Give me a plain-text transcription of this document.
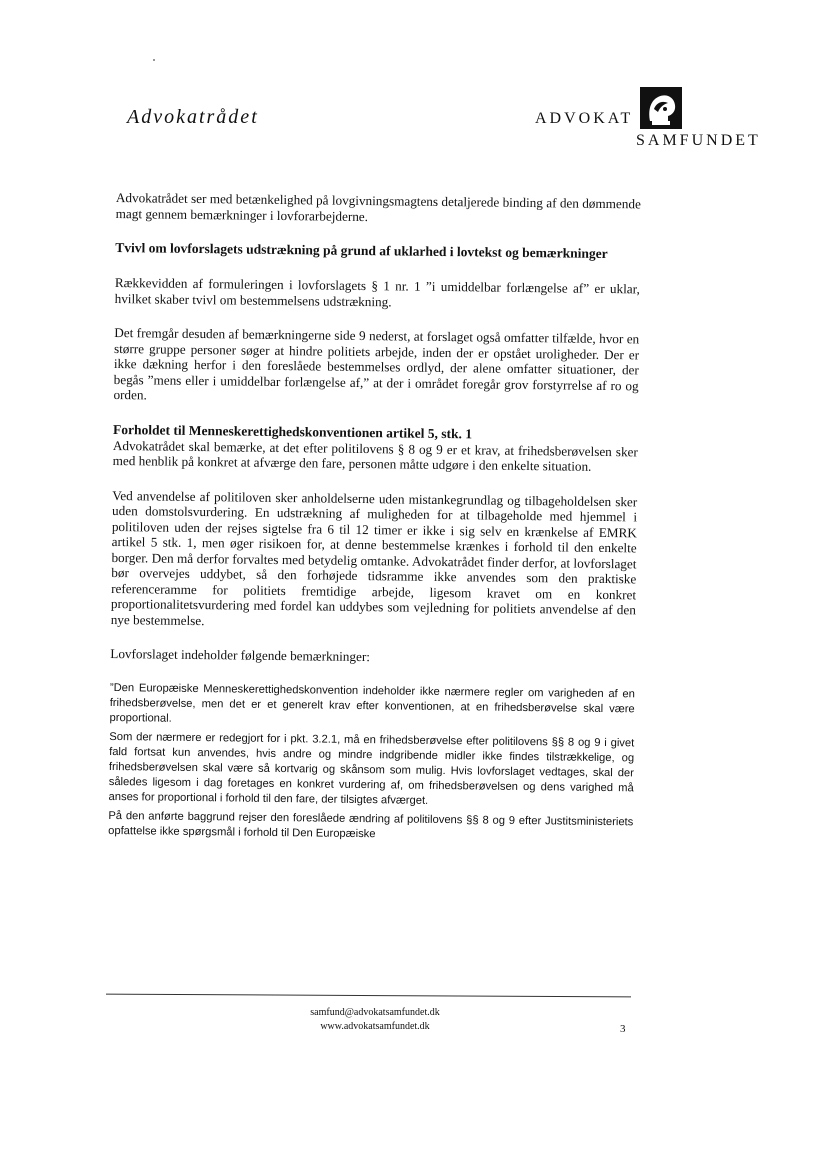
Advokatrådet	ADVOKAT
SAMFUNDET

Advokatrådet ser med betænkelighed på lovgivningsmagtens detaljerede binding af den dømmende magt gennem bemærkninger i lovforarbejderne.

Tvivl om lovforslagets udstrækning på grund af uklarhed i lovtekst og bemærkninger

Rækkevidden af formuleringen i lovforslagets § 1 nr. 1 ”i umiddelbar forlængelse af” er uklar, hvilket skaber tvivl om bestemmelsens udstrækning.

Det fremgår desuden af bemærkningerne side 9 nederst, at forslaget også omfatter tilfælde, hvor en større gruppe personer søger at hindre politiets arbejde, inden der er opstået uroligheder. Der er ikke dækning herfor i den foreslåede bestemmelses ordlyd, der alene omfatter situationer, der begås ”mens eller i umiddelbar forlængelse af,” at der i området foregår grov forstyrrelse af ro og orden.

Forholdet til Menneskerettighedskonventionen artikel 5, stk. 1

Advokatrådet skal bemærke, at det efter politilovens § 8 og 9 er et krav, at frihedsberøvelsen sker med henblik på konkret at afværge den fare, personen måtte udgøre i den enkelte situation.

Ved anvendelse af politiloven sker anholdelserne uden mistankegrundlag og tilbageholdelsen sker uden domstolsvurdering. En udstrækning af muligheden for at tilbageholde med hjemmel i politiloven uden der rejses sigtelse fra 6 til 12 timer er ikke i sig selv en krænkelse af EMRK artikel 5 stk. 1, men øger risikoen for, at denne bestemmelse krænkes i forhold til den enkelte borger. Den må derfor forvaltes med betydelig omtanke. Advokatrådet finder derfor, at lovforslaget bør overvejes uddybet, så den forhøjede tidsramme ikke anvendes som den praktiske referenceramme for politiets fremtidige arbejde, ligesom kravet om en konkret proportionalitetsvurdering med fordel kan uddybes som vejledning for politiets anvendelse af den nye bestemmelse.

Lovforslaget indeholder følgende bemærkninger:

”Den Europæiske Menneskerettighedskonvention indeholder ikke nærmere regler om varigheden af en frihedsberøvelse, men det er et generelt krav efter konventionen, at en frihedsberøvelse skal være proportional.

Som der nærmere er redegjort for i pkt. 3.2.1, må en frihedsberøvelse efter politilovens §§ 8 og 9 i givet fald fortsat kun anvendes, hvis andre og mindre indgribende midler ikke findes tilstrækkelige, og frihedsberøvelsen skal være så kortvarig og skånsom som mulig. Hvis lovforslaget vedtages, skal der således ligesom i dag foretages en konkret vurdering af, om frihedsberøvelsen og dens varighed må anses for proportional i forhold til den fare, der tilsigtes afværget.

På den anførte baggrund rejser den foreslåede ændring af politilovens §§ 8 og 9 efter Justitsministeriets opfattelse ikke spørgsmål i forhold til Den Europæiske

samfund@advokatsamfundet.dk
www.advokatsamfundet.dk	3
